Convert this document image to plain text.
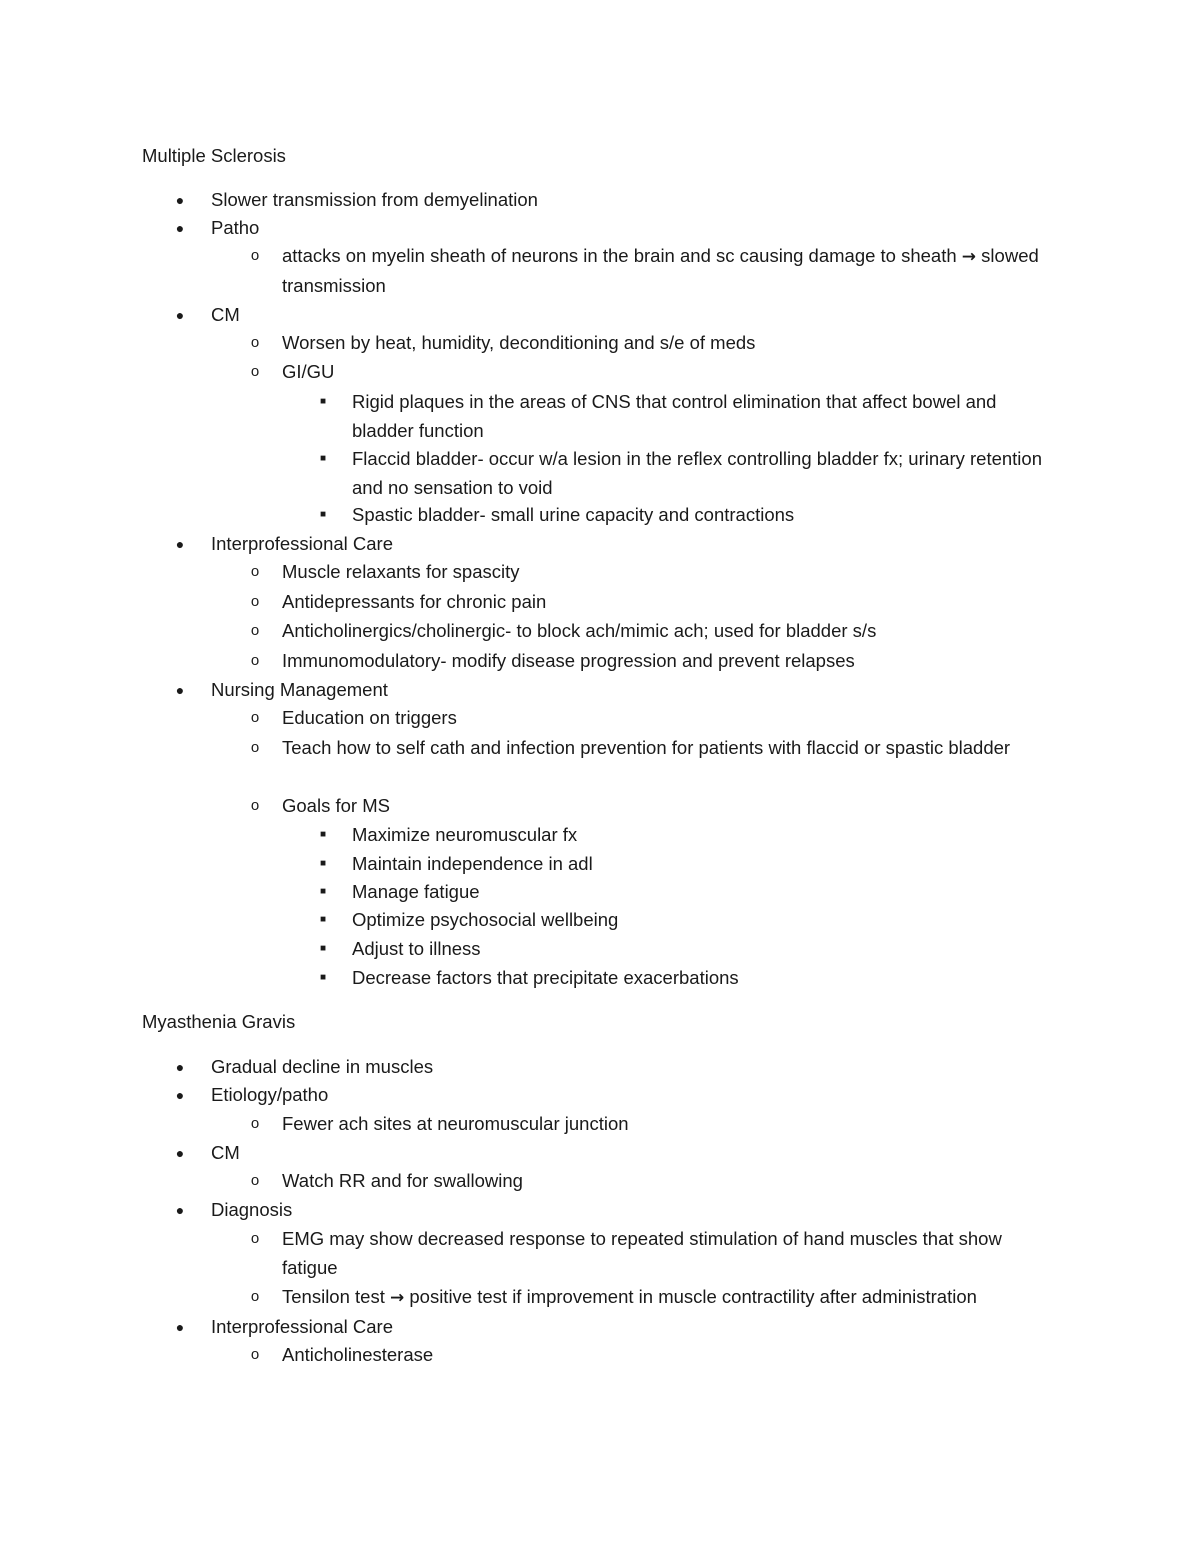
Multiple Sclerosis
● Slower transmission from demyelination
● Patho
o attacks on myelin sheath of neurons in the brain and sc causing damage to sheath → slowed transmission
● CM
o Worsen by heat, humidity, deconditioning and s/e of meds
o GI/GU
■ Rigid plaques in the areas of CNS that control elimination that affect bowel and bladder function
■ Flaccid bladder- occur w/a lesion in the reflex controlling bladder fx; urinary retention and no sensation to void
■ Spastic bladder- small urine capacity and contractions
● Interprofessional Care
o Muscle relaxants for spascity
o Antidepressants for chronic pain
o Anticholinergics/cholinergic- to block ach/mimic ach; used for bladder s/s
o Immunomodulatory- modify disease progression and prevent relapses
● Nursing Management
o Education on triggers
o Teach how to self cath and infection prevention for patients with flaccid or spastic bladder
o Goals for MS
■ Maximize neuromuscular fx
■ Maintain independence in adl
■ Manage fatigue
■ Optimize psychosocial wellbeing
■ Adjust to illness
■ Decrease factors that precipitate exacerbations
Myasthenia Gravis
● Gradual decline in muscles
● Etiology/patho
o Fewer ach sites at neuromuscular junction
● CM
o Watch RR and for swallowing
● Diagnosis
o EMG may show decreased response to repeated stimulation of hand muscles that show fatigue
o Tensilon test → positive test if improvement in muscle contractility after administration
● Interprofessional Care
o Anticholinesterase
